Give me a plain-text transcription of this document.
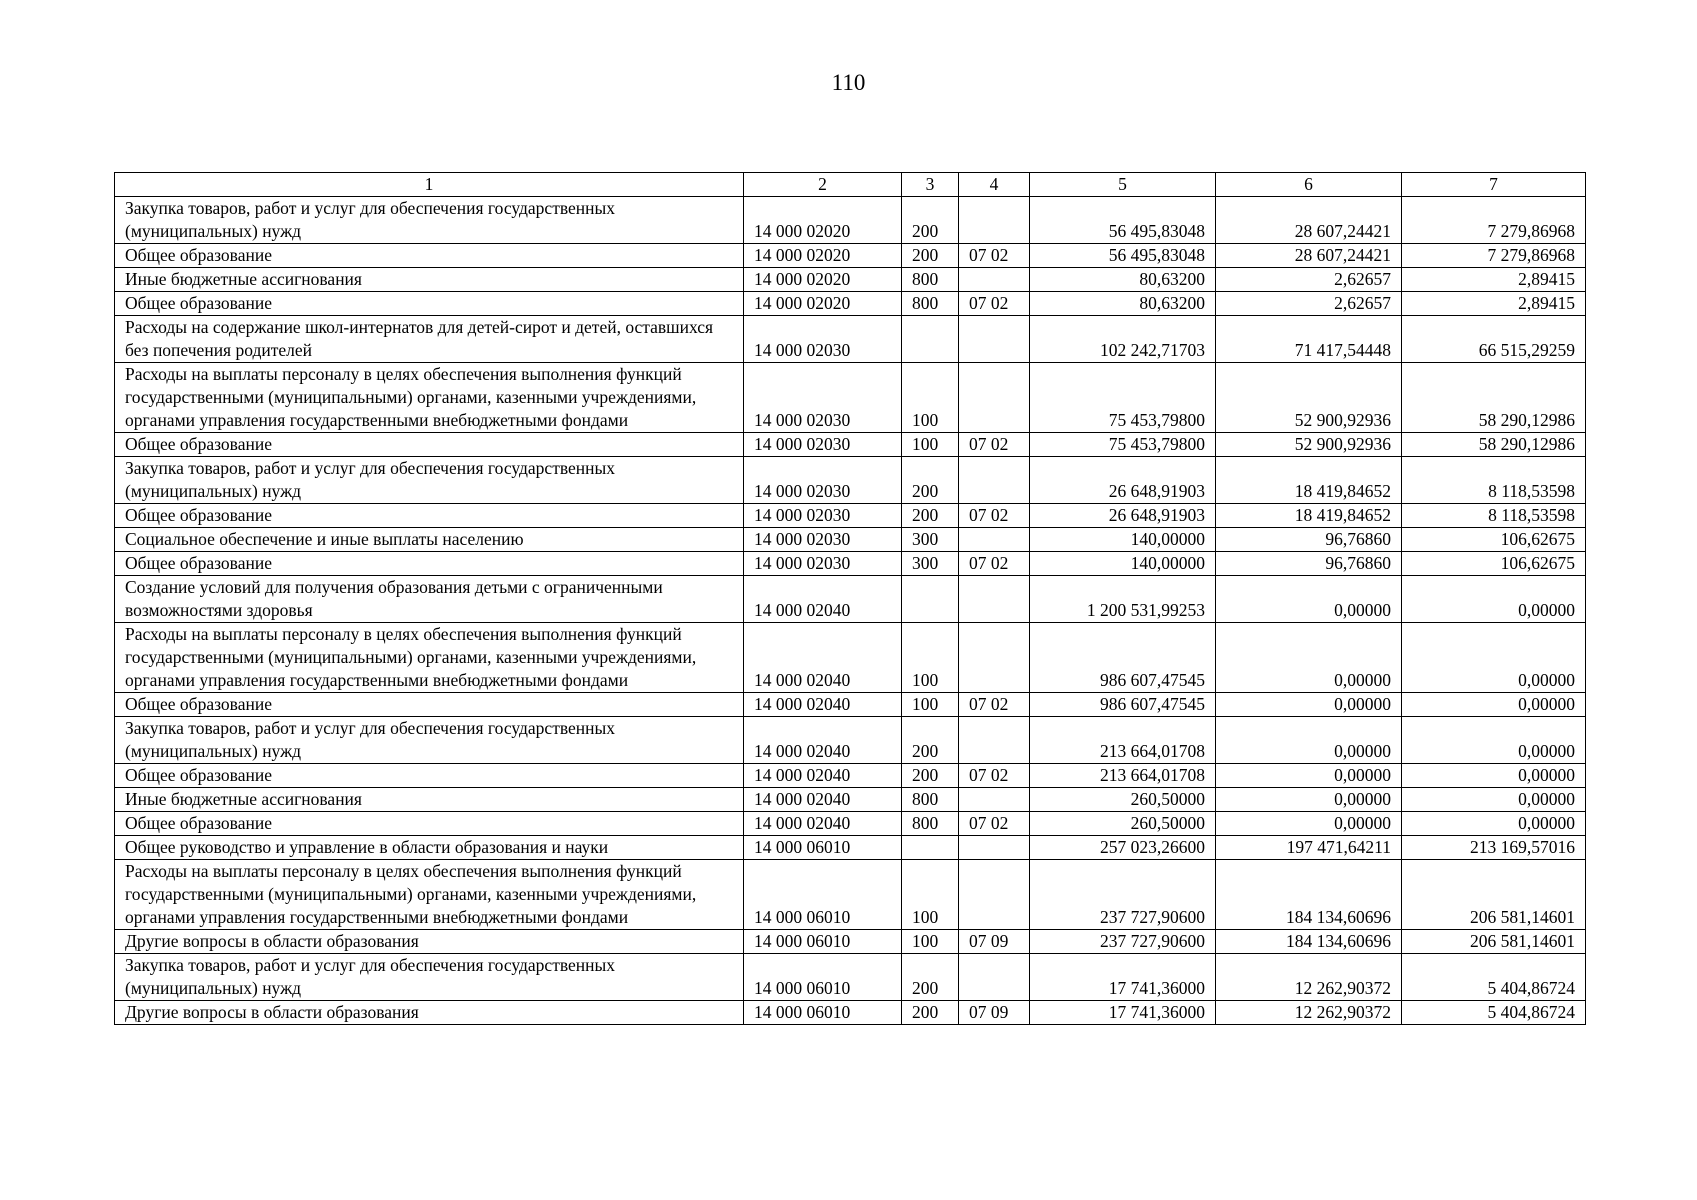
110
1	2	3	4	5	6	7
Закупка товаров, работ и услуг для обеспечения государственных (муниципальных) нужд	14 000 02020	200		56 495,83048	28 607,24421	7 279,86968
Общее образование	14 000 02020	200	07 02	56 495,83048	28 607,24421	7 279,86968
Иные бюджетные ассигнования	14 000 02020	800		80,63200	2,62657	2,89415
Общее образование	14 000 02020	800	07 02	80,63200	2,62657	2,89415
Расходы на содержание школ-интернатов для детей-сирот и детей, оставшихся без попечения родителей	14 000 02030			102 242,71703	71 417,54448	66 515,29259
Расходы на выплаты персоналу в целях обеспечения выполнения функций государственными (муниципальными) органами, казенными учреждениями, органами управления государственными внебюджетными фондами	14 000 02030	100		75 453,79800	52 900,92936	58 290,12986
Общее образование	14 000 02030	100	07 02	75 453,79800	52 900,92936	58 290,12986
Закупка товаров, работ и услуг для обеспечения государственных (муниципальных) нужд	14 000 02030	200		26 648,91903	18 419,84652	8 118,53598
Общее образование	14 000 02030	200	07 02	26 648,91903	18 419,84652	8 118,53598
Социальное обеспечение и иные выплаты населению	14 000 02030	300		140,00000	96,76860	106,62675
Общее образование	14 000 02030	300	07 02	140,00000	96,76860	106,62675
Создание условий для получения образования детьми с ограниченными возможностями здоровья	14 000 02040			1 200 531,99253	0,00000	0,00000
Расходы на выплаты персоналу в целях обеспечения выполнения функций государственными (муниципальными) органами, казенными учреждениями, органами управления государственными внебюджетными фондами	14 000 02040	100		986 607,47545	0,00000	0,00000
Общее образование	14 000 02040	100	07 02	986 607,47545	0,00000	0,00000
Закупка товаров, работ и услуг для обеспечения государственных (муниципальных) нужд	14 000 02040	200		213 664,01708	0,00000	0,00000
Общее образование	14 000 02040	200	07 02	213 664,01708	0,00000	0,00000
Иные бюджетные ассигнования	14 000 02040	800		260,50000	0,00000	0,00000
Общее образование	14 000 02040	800	07 02	260,50000	0,00000	0,00000
Общее руководство и управление в области образования и науки	14 000 06010			257 023,26600	197 471,64211	213 169,57016
Расходы на выплаты персоналу в целях обеспечения выполнения функций государственными (муниципальными) органами, казенными учреждениями, органами управления государственными внебюджетными фондами	14 000 06010	100		237 727,90600	184 134,60696	206 581,14601
Другие вопросы в области образования	14 000 06010	100	07 09	237 727,90600	184 134,60696	206 581,14601
Закупка товаров, работ и услуг для обеспечения государственных (муниципальных) нужд	14 000 06010	200		17 741,36000	12 262,90372	5 404,86724
Другие вопросы в области образования	14 000 06010	200	07 09	17 741,36000	12 262,90372	5 404,86724
